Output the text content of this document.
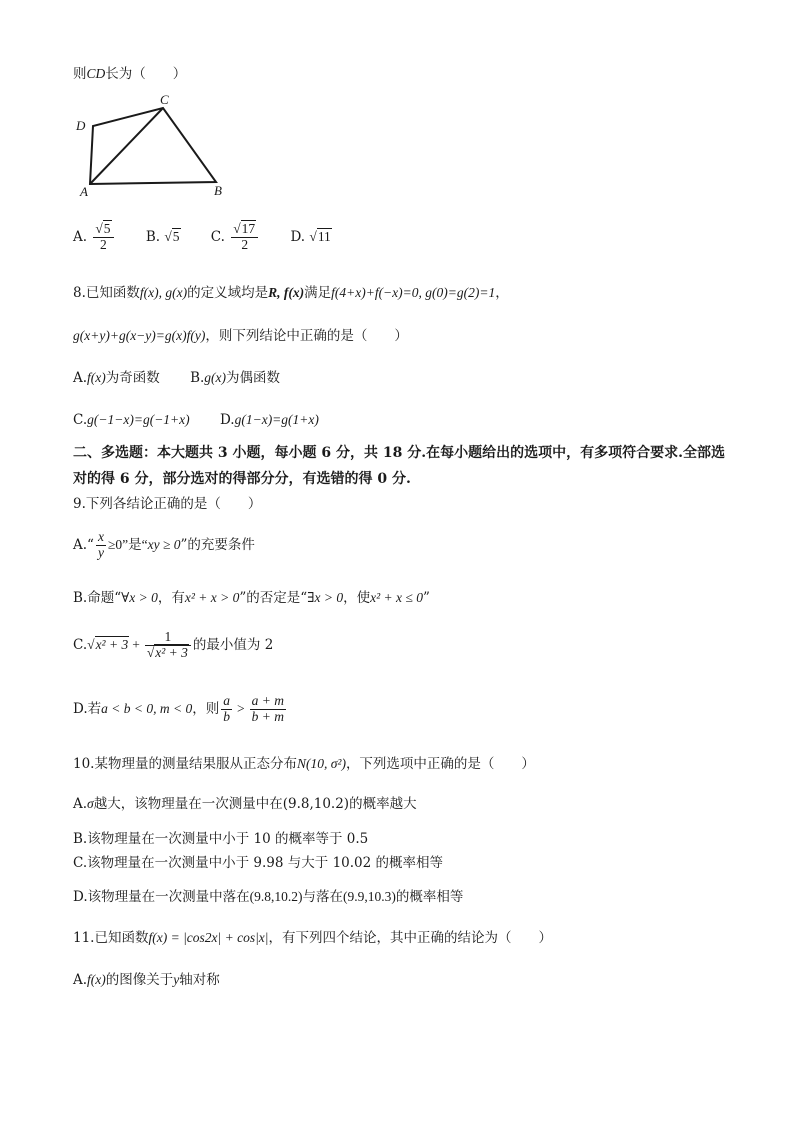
则CD长为（　　）
A	B
C
D
A. $\frac{√5}{2} B$. √5 C. $\frac{√17}{2} D$. √11
8.已知函数f(x), g(x)的定义域均是R, f(x)满足f(4+x)+f(−x)=0, g(0)=g(2)=1，
g(x+y)+g(x−y)=g(x)f(y)，则下列结论中正确的是（　　）
A.f(x)为奇函数 B.g(x)为偶函数
C.g(−1−x)=g(−1+x) D.g(1−x)=g(1+x)
二、多选题：本大题共 3 小题，每小题 6 分，共 18 分.在每小题给出的选项中，有多项符合要求.全部选对的得 6 分，部分选对的得部分分，有选错的得 0 分.
9.下列各结论正确的是（　　）
A.“ $\frac{x}{y} \ge 0$”是“xy ≥ 0”的充要条件
B.命题“∀x > 0，有x² + x > 0”的否定是“∃x > 0，使x² + x ≤ 0”
$C.√x^2 + 3 + \frac{1}{\text{√x² + 3}}$ 的最小值为 2
D.若a < b < 0, m < 0，则 $\frac{a}{b} > \frac{a + m}{b + m}$
10.某物理量的测量结果服从正态分布N(10, σ²)，下列选项中正确的是（　　）
A.σ越大，该物理量在一次测量中在(9.8,10.2)的概率越大
B.该物理量在一次测量中小于 10 的概率等于 0.5
C.该物理量在一次测量中小于 9.98 与大于 10.02 的概率相等
D.该物理量在一次测量中落在(9.8,10.2)与落在(9.9,10.3)的概率相等
11.已知函数f(x) = |cos2x| + cos|x|，有下列四个结论，其中正确的结论为（　　）
A.f(x)的图像关于y轴对称
